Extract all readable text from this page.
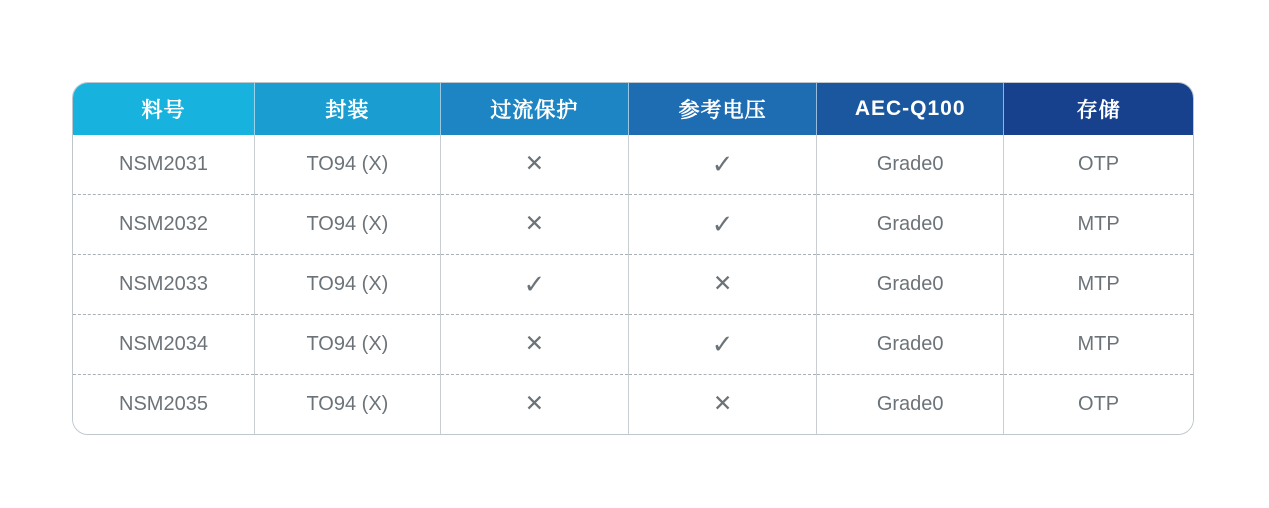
料号	封装	过流保护	参考电压	AEC-Q100	存储
NSM2031	TO94 (X)	✕	✓	Grade0	OTP
NSM2032	TO94 (X)	✕	✓	Grade0	MTP
NSM2033	TO94 (X)	✓	✕	Grade0	MTP
NSM2034	TO94 (X)	✕	✓	Grade0	MTP
NSM2035	TO94 (X)	✕	✕	Grade0	OTP
